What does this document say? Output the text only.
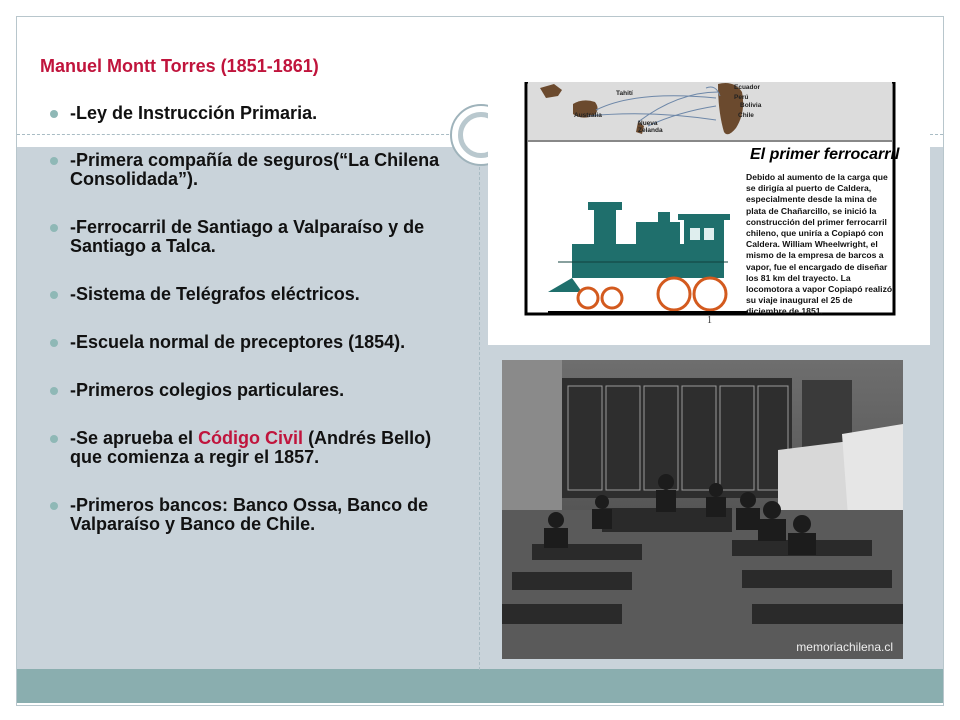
Manuel Montt Torres (1851-1861)
-Ley de Instrucción Primaria.
-Primera compañía de seguros(“La Chilena Consolidada”).
-Ferrocarril de Santiago a Valparaíso y de Santiago a Talca.
-Sistema de Telégrafos eléctricos.
-Escuela normal de preceptores (1854).
-Primeros colegios particulares.
-Se aprueba el Código Civil (Andrés Bello) que comienza a regir el 1857.
-Primeros bancos: Banco Ossa, Banco de Valparaíso y Banco de Chile.
Tahití
Ecuador
Perú
Bolivia
Australia
Nueva Zelanda
Chile
El primer ferrocarril
Debido al aumento de la carga que se dirigía al puerto de Caldera, especialmente desde la mina de plata de Chañarcillo, se inició la construcción del primer ferrocarril chileno, que uniría a Copiapó con Caldera. William Wheelwright, el mismo de la empresa de barcos a vapor, fue el encargado de diseñar los 81 km del trayecto. La locomotora a vapor Copiapó realizó su viaje inaugural el 25 de diciembre de 1851.
1
memoriachilena.cl
